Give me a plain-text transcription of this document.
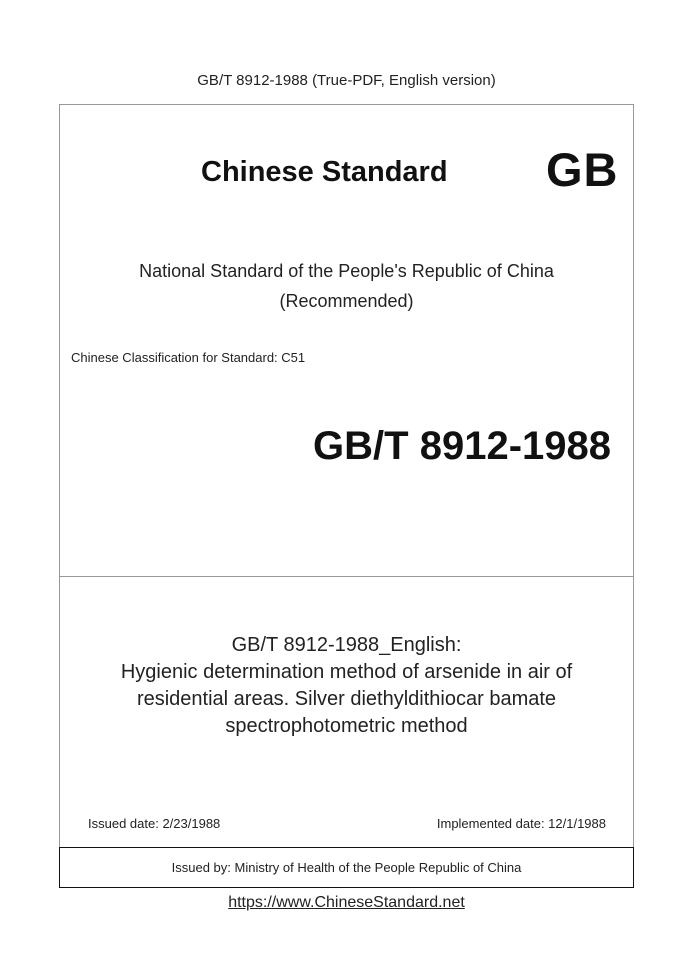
GB/T 8912-1988 (True-PDF, English version)
Issued by: Ministry of Health of the People Republic of China
Chinese Standard GB
National Standard of the People's Republic of China
(Recommended)
Chinese Classification for Standard: C51
GB/T 8912-1988
GB/T 8912-1988_English:
Hygienic determination method of arsenide in air of
residential areas. Silver diethyldithiocar bamate
spectrophotometric method
Issued date: 2/23/1988	Implemented date: 12/1/1988
https://www.ChineseStandard.net
